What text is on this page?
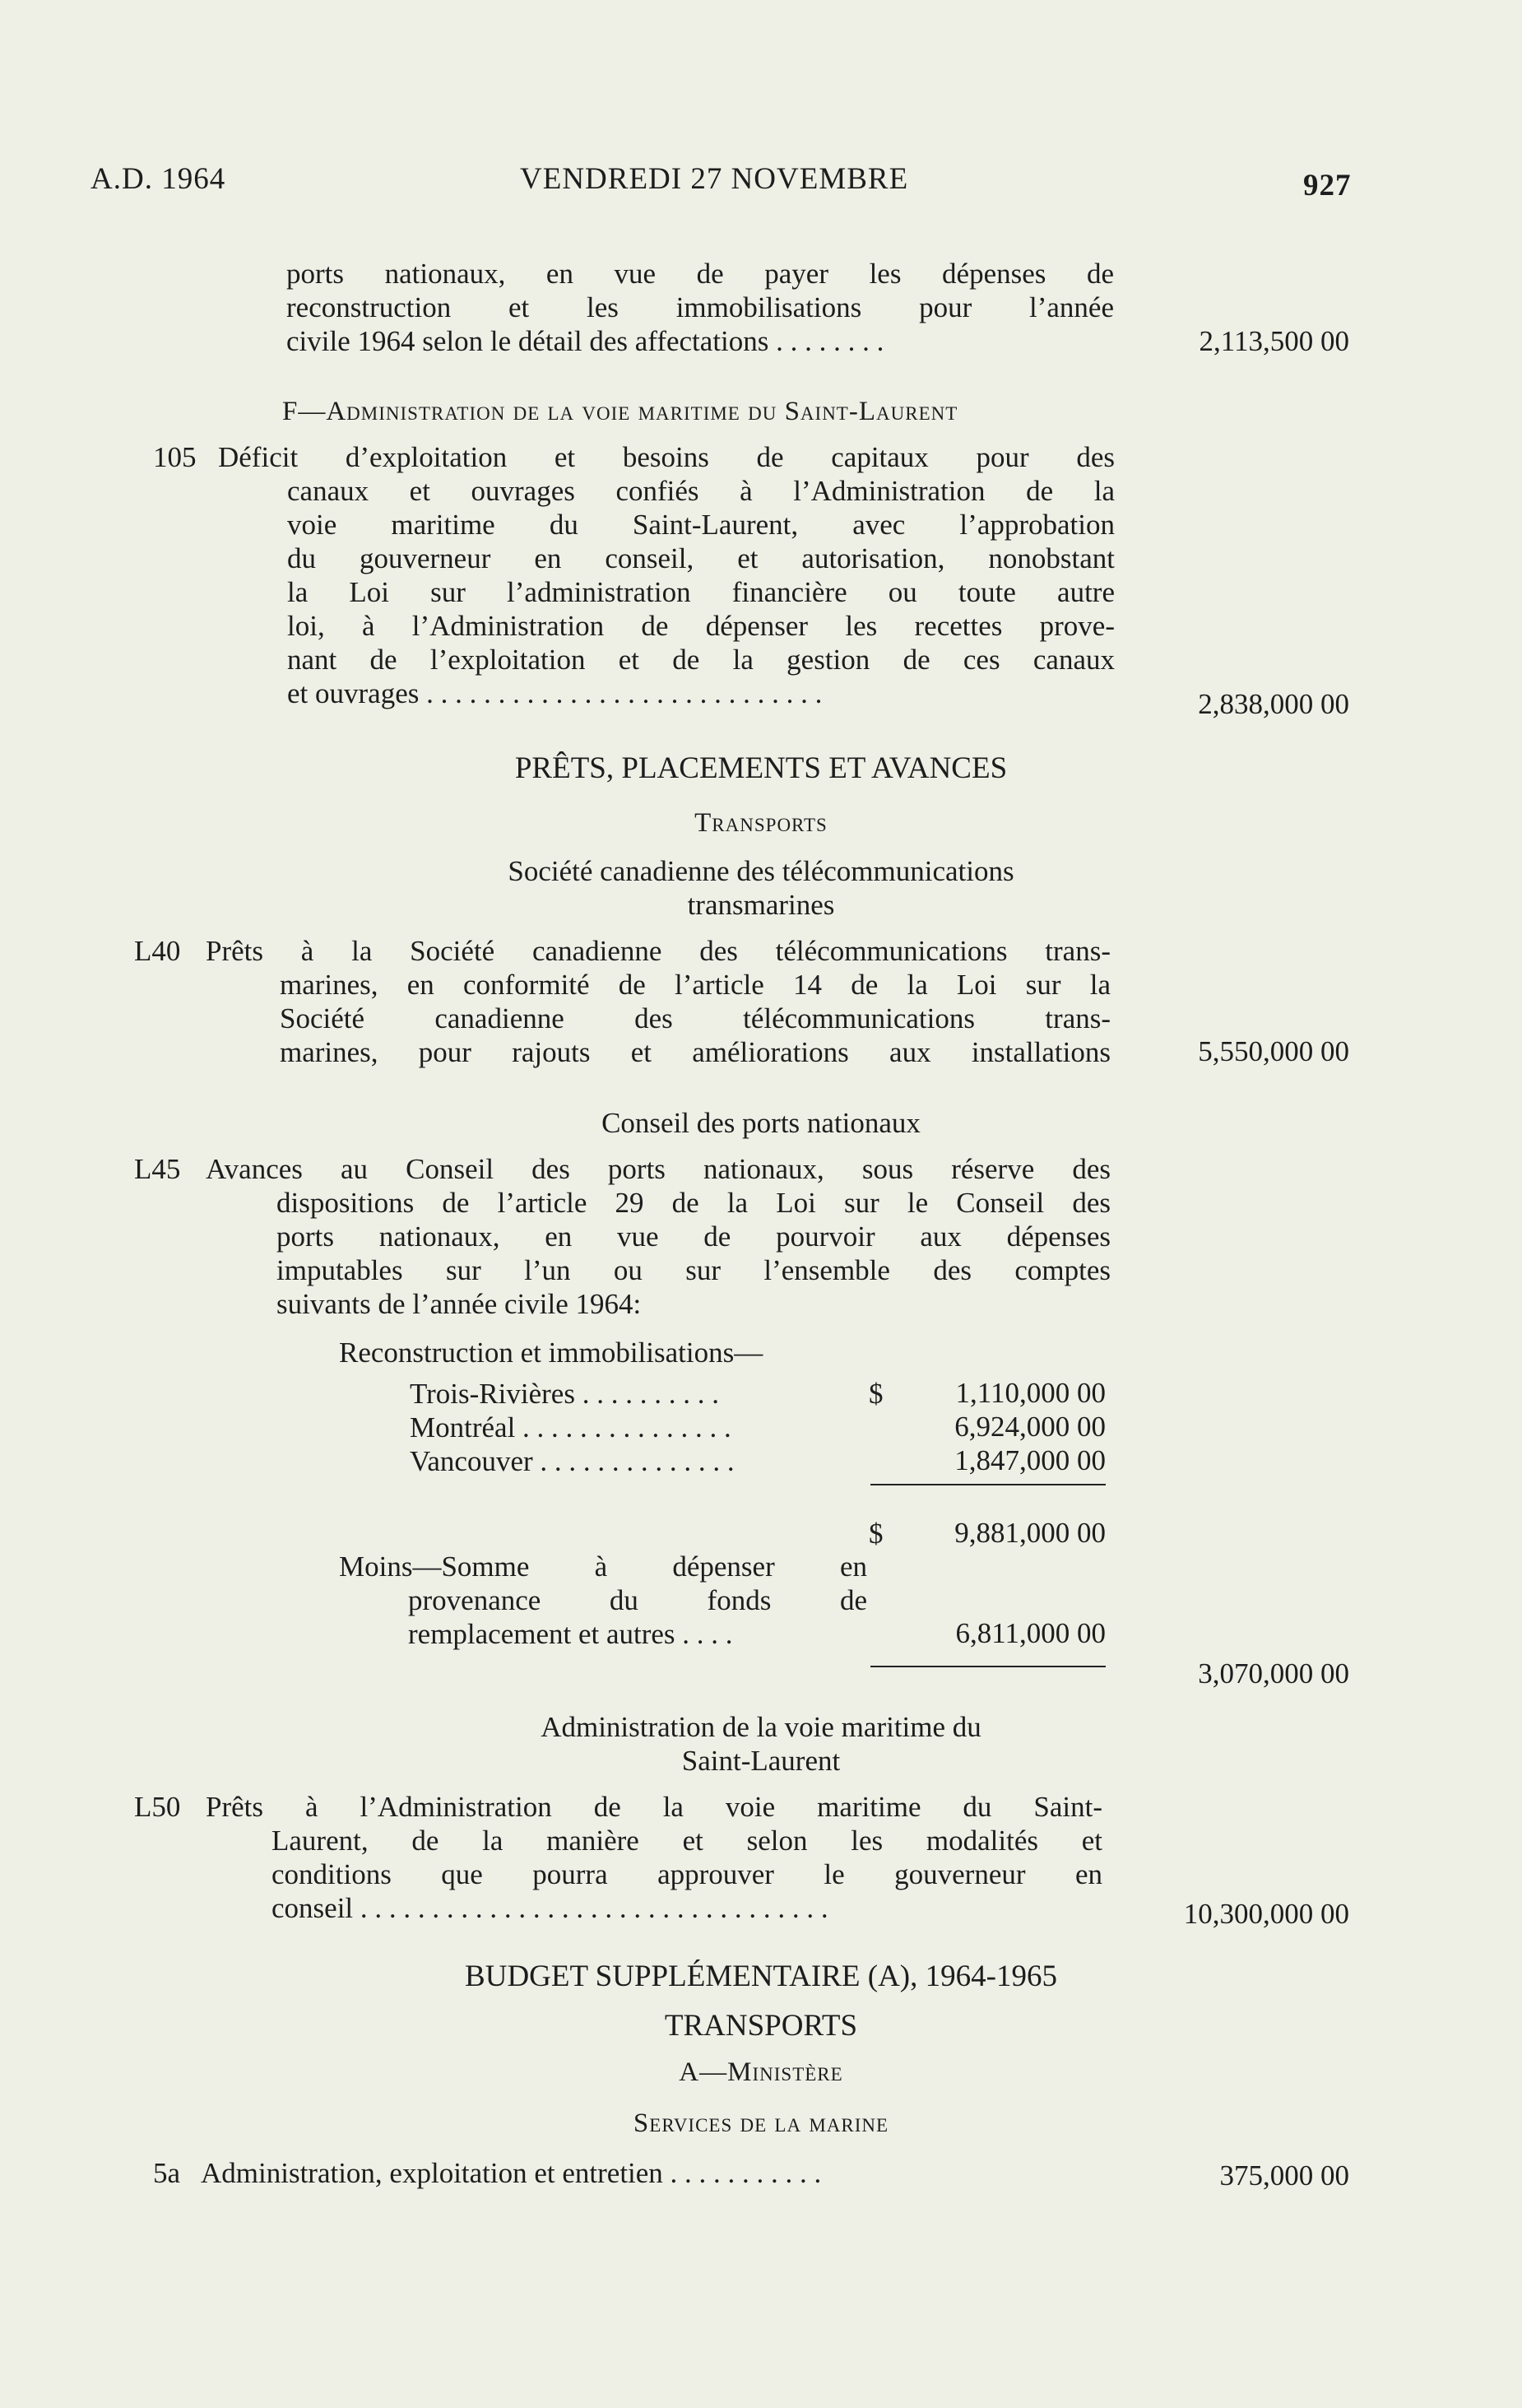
A.D. 1964	VENDREDI 27 NOVEMBRE	927
ports nationaux, en vue de payer les dépenses de
reconstruction et les immobilisations pour l’année
civile 1964 selon le détail des affectations . . . . . . . .	2,113,500 00
F—Administration de la voie maritime du Saint-Laurent
105 Déficit d’exploitation et besoins de capitaux pour des
canaux et ouvrages confiés à l’Administration de la
voie maritime du Saint-Laurent, avec l’approbation
du gouverneur en conseil, et autorisation, nonobstant
la Loi sur l’administration financière ou toute autre
loi, à l’Administration de dépenser les recettes prove-
nant de l’exploitation et de la gestion de ces canaux
et ouvrages . . . . . . . . . . . . . . . . . . . . . . . . . . . .	2,838,000 00
PRÊTS, PLACEMENTS ET AVANCES
Transports
Société canadienne des télécommunications
transmarines
L40 Prêts à la Société canadienne des télécommunications trans-
marines, en conformité de l’article 14 de la Loi sur la
Société canadienne des télécommunications trans-
marines, pour rajouts et améliorations aux installations	5,550,000 00
Conseil des ports nationaux
L45 Avances au Conseil des ports nationaux, sous réserve des
dispositions de l’article 29 de la Loi sur le Conseil des
ports nationaux, en vue de pourvoir aux dépenses
imputables sur l’un ou sur l’ensemble des comptes
suivants de l’année civile 1964:
Reconstruction et immobilisations—
Trois-Rivières . . . . . . . . . .	$	1,110,000 00
Montréal . . . . . . . . . . . . . . .	6,924,000 00
Vancouver . . . . . . . . . . . . . .	1,847,000 00
$	9,881,000 00
Moins—Somme à dépenser en
provenance du fonds de
remplacement et autres . . . .	6,811,000 00
3,070,000 00
Administration de la voie maritime du
Saint-Laurent
L50 Prêts à l’Administration de la voie maritime du Saint-
Laurent, de la manière et selon les modalités et
conditions que pourra approuver le gouverneur en
conseil . . . . . . . . . . . . . . . . . . . . . . . . . . . . . . . . .	10,300,000 00
BUDGET SUPPLÉMENTAIRE (A), 1964-1965
TRANSPORTS
A—Ministère
Services de la marine
5a Administration, exploitation et entretien . . . . . . . . . . .	375,000 00
